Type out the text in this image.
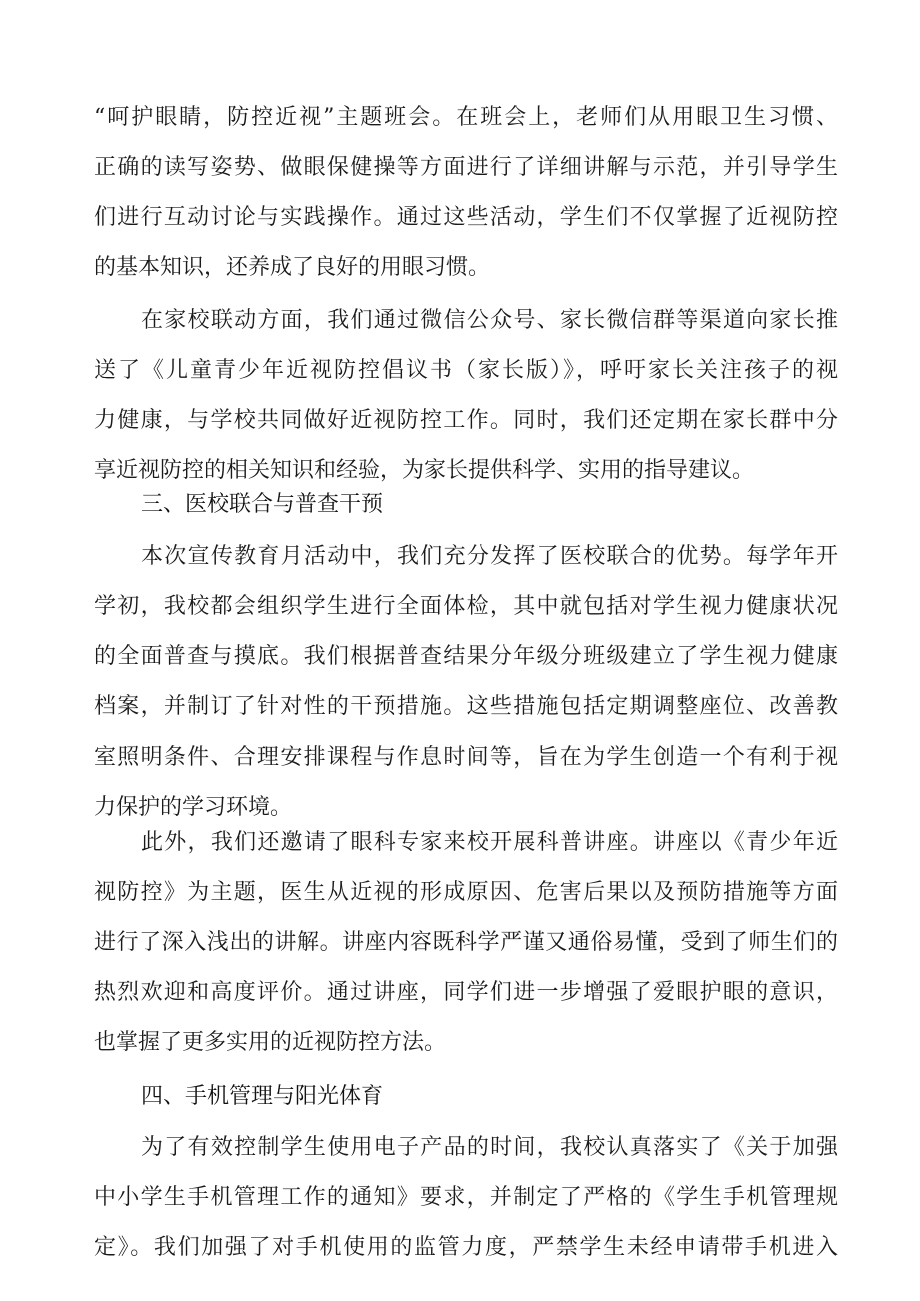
“呵护眼睛，防控近视”主题班会。在班会上，老师们从用眼卫生习惯、
正确的读写姿势、做眼保健操等方面进行了详细讲解与示范，并引导学生
们进行互动讨论与实践操作。通过这些活动，学生们不仅掌握了近视防控
的基本知识，还养成了良好的用眼习惯。
在家校联动方面，我们通过微信公众号、家长微信群等渠道向家长推
送了《儿童青少年近视防控倡议书（家长版）》，呼吁家长关注孩子的视
力健康，与学校共同做好近视防控工作。同时，我们还定期在家长群中分
享近视防控的相关知识和经验，为家长提供科学、实用的指导建议。
三、医校联合与普查干预
本次宣传教育月活动中，我们充分发挥了医校联合的优势。每学年开
学初，我校都会组织学生进行全面体检，其中就包括对学生视力健康状况
的全面普查与摸底。我们根据普查结果分年级分班级建立了学生视力健康
档案，并制订了针对性的干预措施。这些措施包括定期调整座位、改善教
室照明条件、合理安排课程与作息时间等，旨在为学生创造一个有利于视
力保护的学习环境。
此外，我们还邀请了眼科专家来校开展科普讲座。讲座以《青少年近
视防控》为主题，医生从近视的形成原因、危害后果以及预防措施等方面
进行了深入浅出的讲解。讲座内容既科学严谨又通俗易懂，受到了师生们的
热烈欢迎和高度评价。通过讲座，同学们进一步增强了爱眼护眼的意识，
也掌握了更多实用的近视防控方法。
四、手机管理与阳光体育
为了有效控制学生使用电子产品的时间，我校认真落实了《关于加强
中小学生手机管理工作的通知》要求，并制定了严格的《学生手机管理规
定》。我们加强了对手机使用的监管力度，严禁学生未经申请带手机进入
